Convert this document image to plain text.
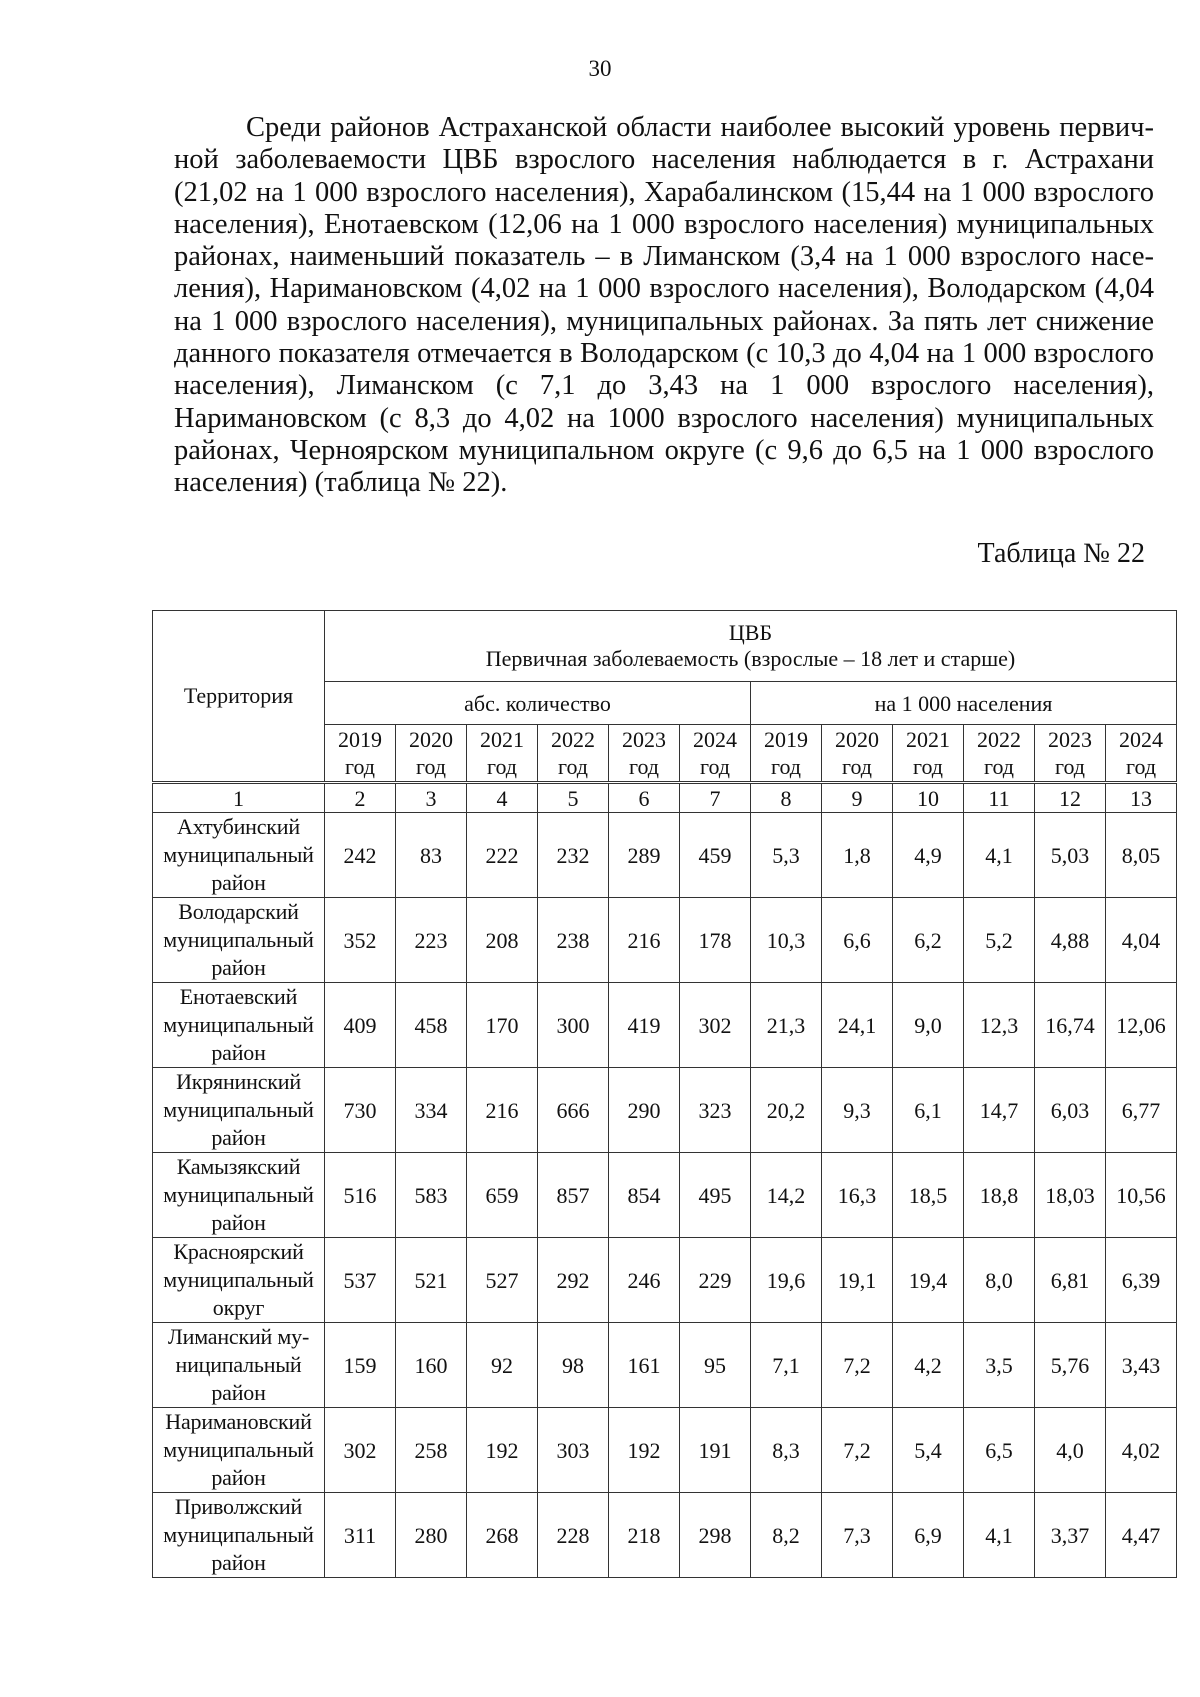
30

Среди районов Астраханской области наиболее высокий уровень первичной заболеваемости ЦВБ взрослого населения наблюдается в г. Астрахани (21,02 на 1 000 взрослого населения), Харабалинском (15,44 на 1 000 взрослого населения), Енотаевском (12,06 на 1 000 взрослого населения) муниципальных районах, наименьший показатель – в Лиманском (3,4 на 1 000 взрослого населения), Наримановском (4,02 на 1 000 взрослого населения), Володарском (4,04 на 1 000 взрослого населения), муниципальных районах. За пять лет снижение данного показателя отмечается в Володарском (с 10,3 до 4,04 на 1 000 взрослого населения), Лиманском (с 7,1 до 3,43 на 1 000 взрослого населения), Наримановском (с 8,3 до 4,02 на 1000 взрослого населения) муниципальных районах, Черноярском муниципальном округе (с 9,6 до 6,5 на 1 000 взрослого населения) (таблица № 22).

Таблица № 22
Территория	ЦВБ
Первичная заболеваемость (взрослые – 18 лет и старше)											
	абс. количество						на 1 000 населения					
	2019 год	2020 год	2021 год	2022 год	2023 год	2024 год	2019 год	2020 год	2021 год	2022 год	2023 год	2024 год
1	2	3	4	5	6	7	8	9	10	11	12	13
Ахтубинский
муниципальный
район	242	83	222	232	289	459	5,3	1,8	4,9	4,1	5,03	8,05
Володарский
муниципальный
район	352	223	208	238	216	178	10,3	6,6	6,2	5,2	4,88	4,04
Енотаевский
муниципальный
район	409	458	170	300	419	302	21,3	24,1	9,0	12,3	16,74	12,06
Икрянинский
муниципальный
район	730	334	216	666	290	323	20,2	9,3	6,1	14,7	6,03	6,77
Камызякский
муниципальный
район	516	583	659	857	854	495	14,2	16,3	18,5	18,8	18,03	10,56
Красноярский
муниципальный
округ	537	521	527	292	246	229	19,6	19,1	19,4	8,0	6,81	6,39
Лиманский му-
ниципальный
район	159	160	92	98	161	95	7,1	7,2	4,2	3,5	5,76	3,43
Наримановский
муниципальный
район	302	258	192	303	192	191	8,3	7,2	5,4	6,5	4,0	4,02
Приволжский
муниципальный
район	311	280	268	228	218	298	8,2	7,3	6,9	4,1	3,37	4,47
